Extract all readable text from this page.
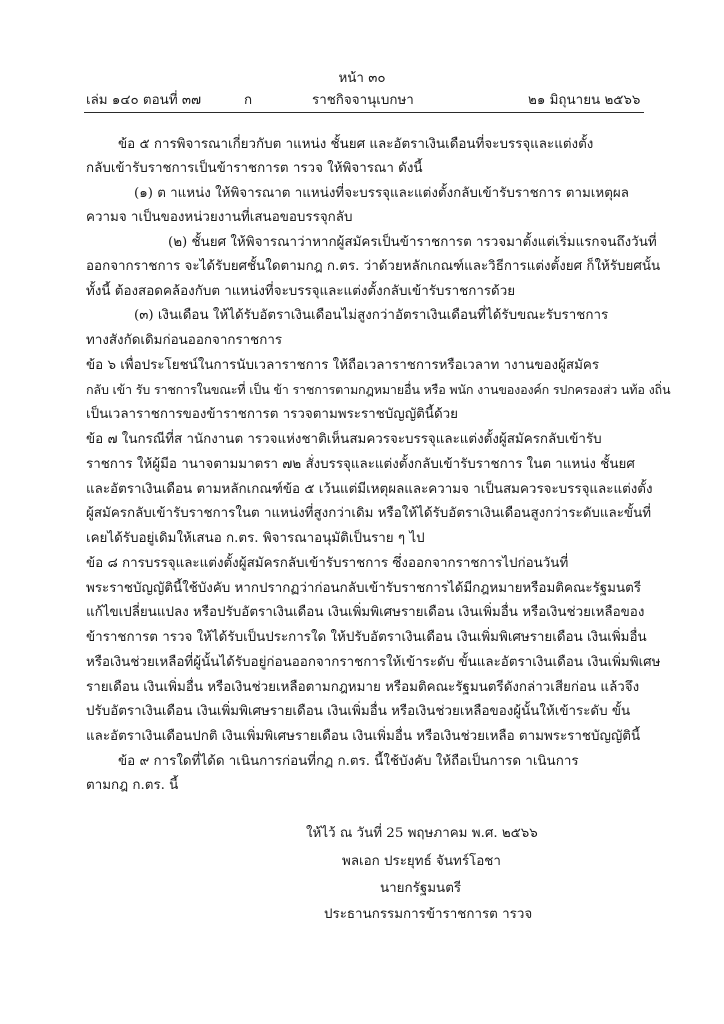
หน้า ๓๐
เล่ม ๑๔๐ ตอนที่ ๓๗	ก	ราชกิจจานุเบกษา	๒๑ มิถุนายน ๒๕๖๖
ข้อ ๕ การพิจารณาเกี่ยวกับต าแหน่ง ชั้นยศ และอัตราเงินเดือนที่จะบรรจุและแต่งตั้ง
กลับเข้ารับราชการเป็นข้าราชการต ารวจ ให้พิจารณา ดังนี้
(๑) ต าแหน่ง ให้พิจารณาต าแหน่งที่จะบรรจุและแต่งตั้งกลับเข้ารับราชการ ตามเหตุผล
ความจ าเป็นของหน่วยงานที่เสนอขอบรรจุกลับ
(๒) ชั้นยศ ให้พิจารณาว่าหากผู้สมัครเป็นข้าราชการต ารวจมาตั้งแต่เริ่มแรกจนถึงวันที่
ออกจากราชการ จะได้รับยศชั้นใดตามกฎ ก.ตร. ว่าด้วยหลักเกณฑ์และวิธีการแต่งตั้งยศ ก็ให้รับยศนั้น
ทั้งนี้ ต้องสอดคล้องกับต าแหน่งที่จะบรรจุและแต่งตั้งกลับเข้ารับราชการด้วย
(๓) เงินเดือน ให้ได้รับอัตราเงินเดือนไม่สูงกว่าอัตราเงินเดือนที่ได้รับขณะรับราชการ
ทางสังกัดเดิมก่อนออกจากราชการ
ข้อ ๖ เพื่อประโยชน์ในการนับเวลาราชการ ให้ถือเวลาราชการหรือเวลาท างานของผู้สมัคร
กลับ เข้า รับ ราชการในขณะที่ เป็น ข้า ราชการตามกฎหมายอื่น หรือ พนัก งานขององค์ก รปกครองส่ว นท้อ งถิ่น
เป็นเวลาราชการของข้าราชการต ารวจตามพระราชบัญญัตินี้ด้วย
ข้อ ๗ ในกรณีที่ส านักงานต ารวจแห่งชาติเห็นสมควรจะบรรจุและแต่งตั้งผู้สมัครกลับเข้ารับ
ราชการ ให้ผู้มีอ านาจตามมาตรา ๗๒ สั่งบรรจุและแต่งตั้งกลับเข้ารับราชการ ในต าแหน่ง ชั้นยศ
และอัตราเงินเดือน ตามหลักเกณฑ์ข้อ ๕ เว้นแต่มีเหตุผลและความจ าเป็นสมควรจะบรรจุและแต่งตั้ง
ผู้สมัครกลับเข้ารับราชการในต าแหน่งที่สูงกว่าเดิม หรือให้ได้รับอัตราเงินเดือนสูงกว่าระดับและขั้นที่
เคยได้รับอยู่เดิมให้เสนอ ก.ตร. พิจารณาอนุมัติเป็นราย ๆ ไป
ข้อ ๘ การบรรจุและแต่งตั้งผู้สมัครกลับเข้ารับราชการ ซึ่งออกจากราชการไปก่อนวันที่
พระราชบัญญัตินี้ใช้บังคับ หากปรากฏว่าก่อนกลับเข้ารับราชการได้มีกฎหมายหรือมติคณะรัฐมนตรี
แก้ไขเปลี่ยนแปลง หรือปรับอัตราเงินเดือน เงินเพิ่มพิเศษรายเดือน เงินเพิ่มอื่น หรือเงินช่วยเหลือของ
ข้าราชการต ารวจ ให้ได้รับเป็นประการใด ให้ปรับอัตราเงินเดือน เงินเพิ่มพิเศษรายเดือน เงินเพิ่มอื่น
หรือเงินช่วยเหลือที่ผู้นั้นได้รับอยู่ก่อนออกจากราชการให้เข้าระดับ ขั้นและอัตราเงินเดือน เงินเพิ่มพิเศษ
รายเดือน เงินเพิ่มอื่น หรือเงินช่วยเหลือตามกฎหมาย หรือมติคณะรัฐมนตรีดังกล่าวเสียก่อน แล้วจึง
ปรับอัตราเงินเดือน เงินเพิ่มพิเศษรายเดือน เงินเพิ่มอื่น หรือเงินช่วยเหลือของผู้นั้นให้เข้าระดับ ขั้น
และอัตราเงินเดือนปกติ เงินเพิ่มพิเศษรายเดือน เงินเพิ่มอื่น หรือเงินช่วยเหลือ ตามพระราชบัญญัตินี้
ข้อ ๙ การใดที่ได้ด าเนินการก่อนที่กฎ ก.ตร. นี้ใช้บังคับ ให้ถือเป็นการด าเนินการ
ตามกฎ ก.ตร. นี้
ให้ไว้ ณ วันที่ 25 พฤษภาคม พ.ศ. ๒๕๖๖
พลเอก ประยุทธ์ จันทร์โอชา
นายกรัฐมนตรี
ประธานกรรมการข้าราชการต ารวจ
